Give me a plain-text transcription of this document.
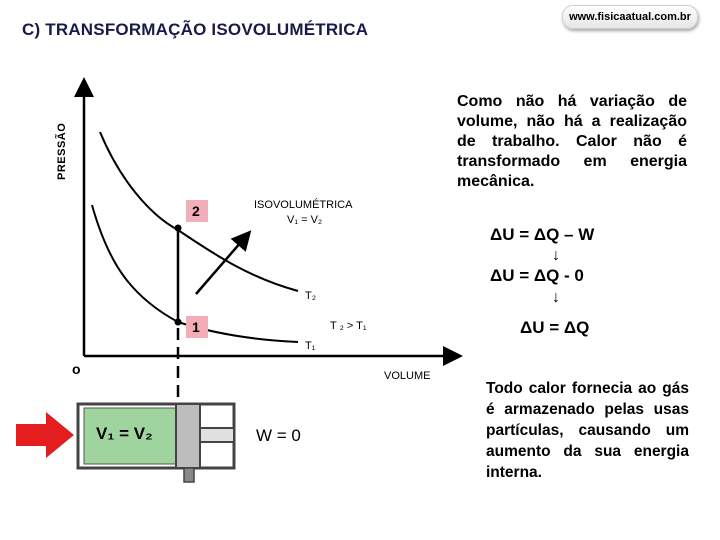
C) TRANSFORMAÇÃO ISOVOLUMÉTRICA
www.fisicaatual.com.br
PRESSÃO
o	VOLUME
2
1
ISOVOLUMÉTRICA
V₁ = V₂
T₂
T₁
T ₂ > T₁
V₁ = V₂	W = 0
Como não há variação de volume, não há a realização de trabalho. Calor não é transformado em energia mecânica.
ΔU = ΔQ – W
↓
ΔU = ΔQ - 0
↓
ΔU = ΔQ
Todo calor fornecia ao gás é armazenado pelas usas partículas, causando um aumento da sua energia interna.
